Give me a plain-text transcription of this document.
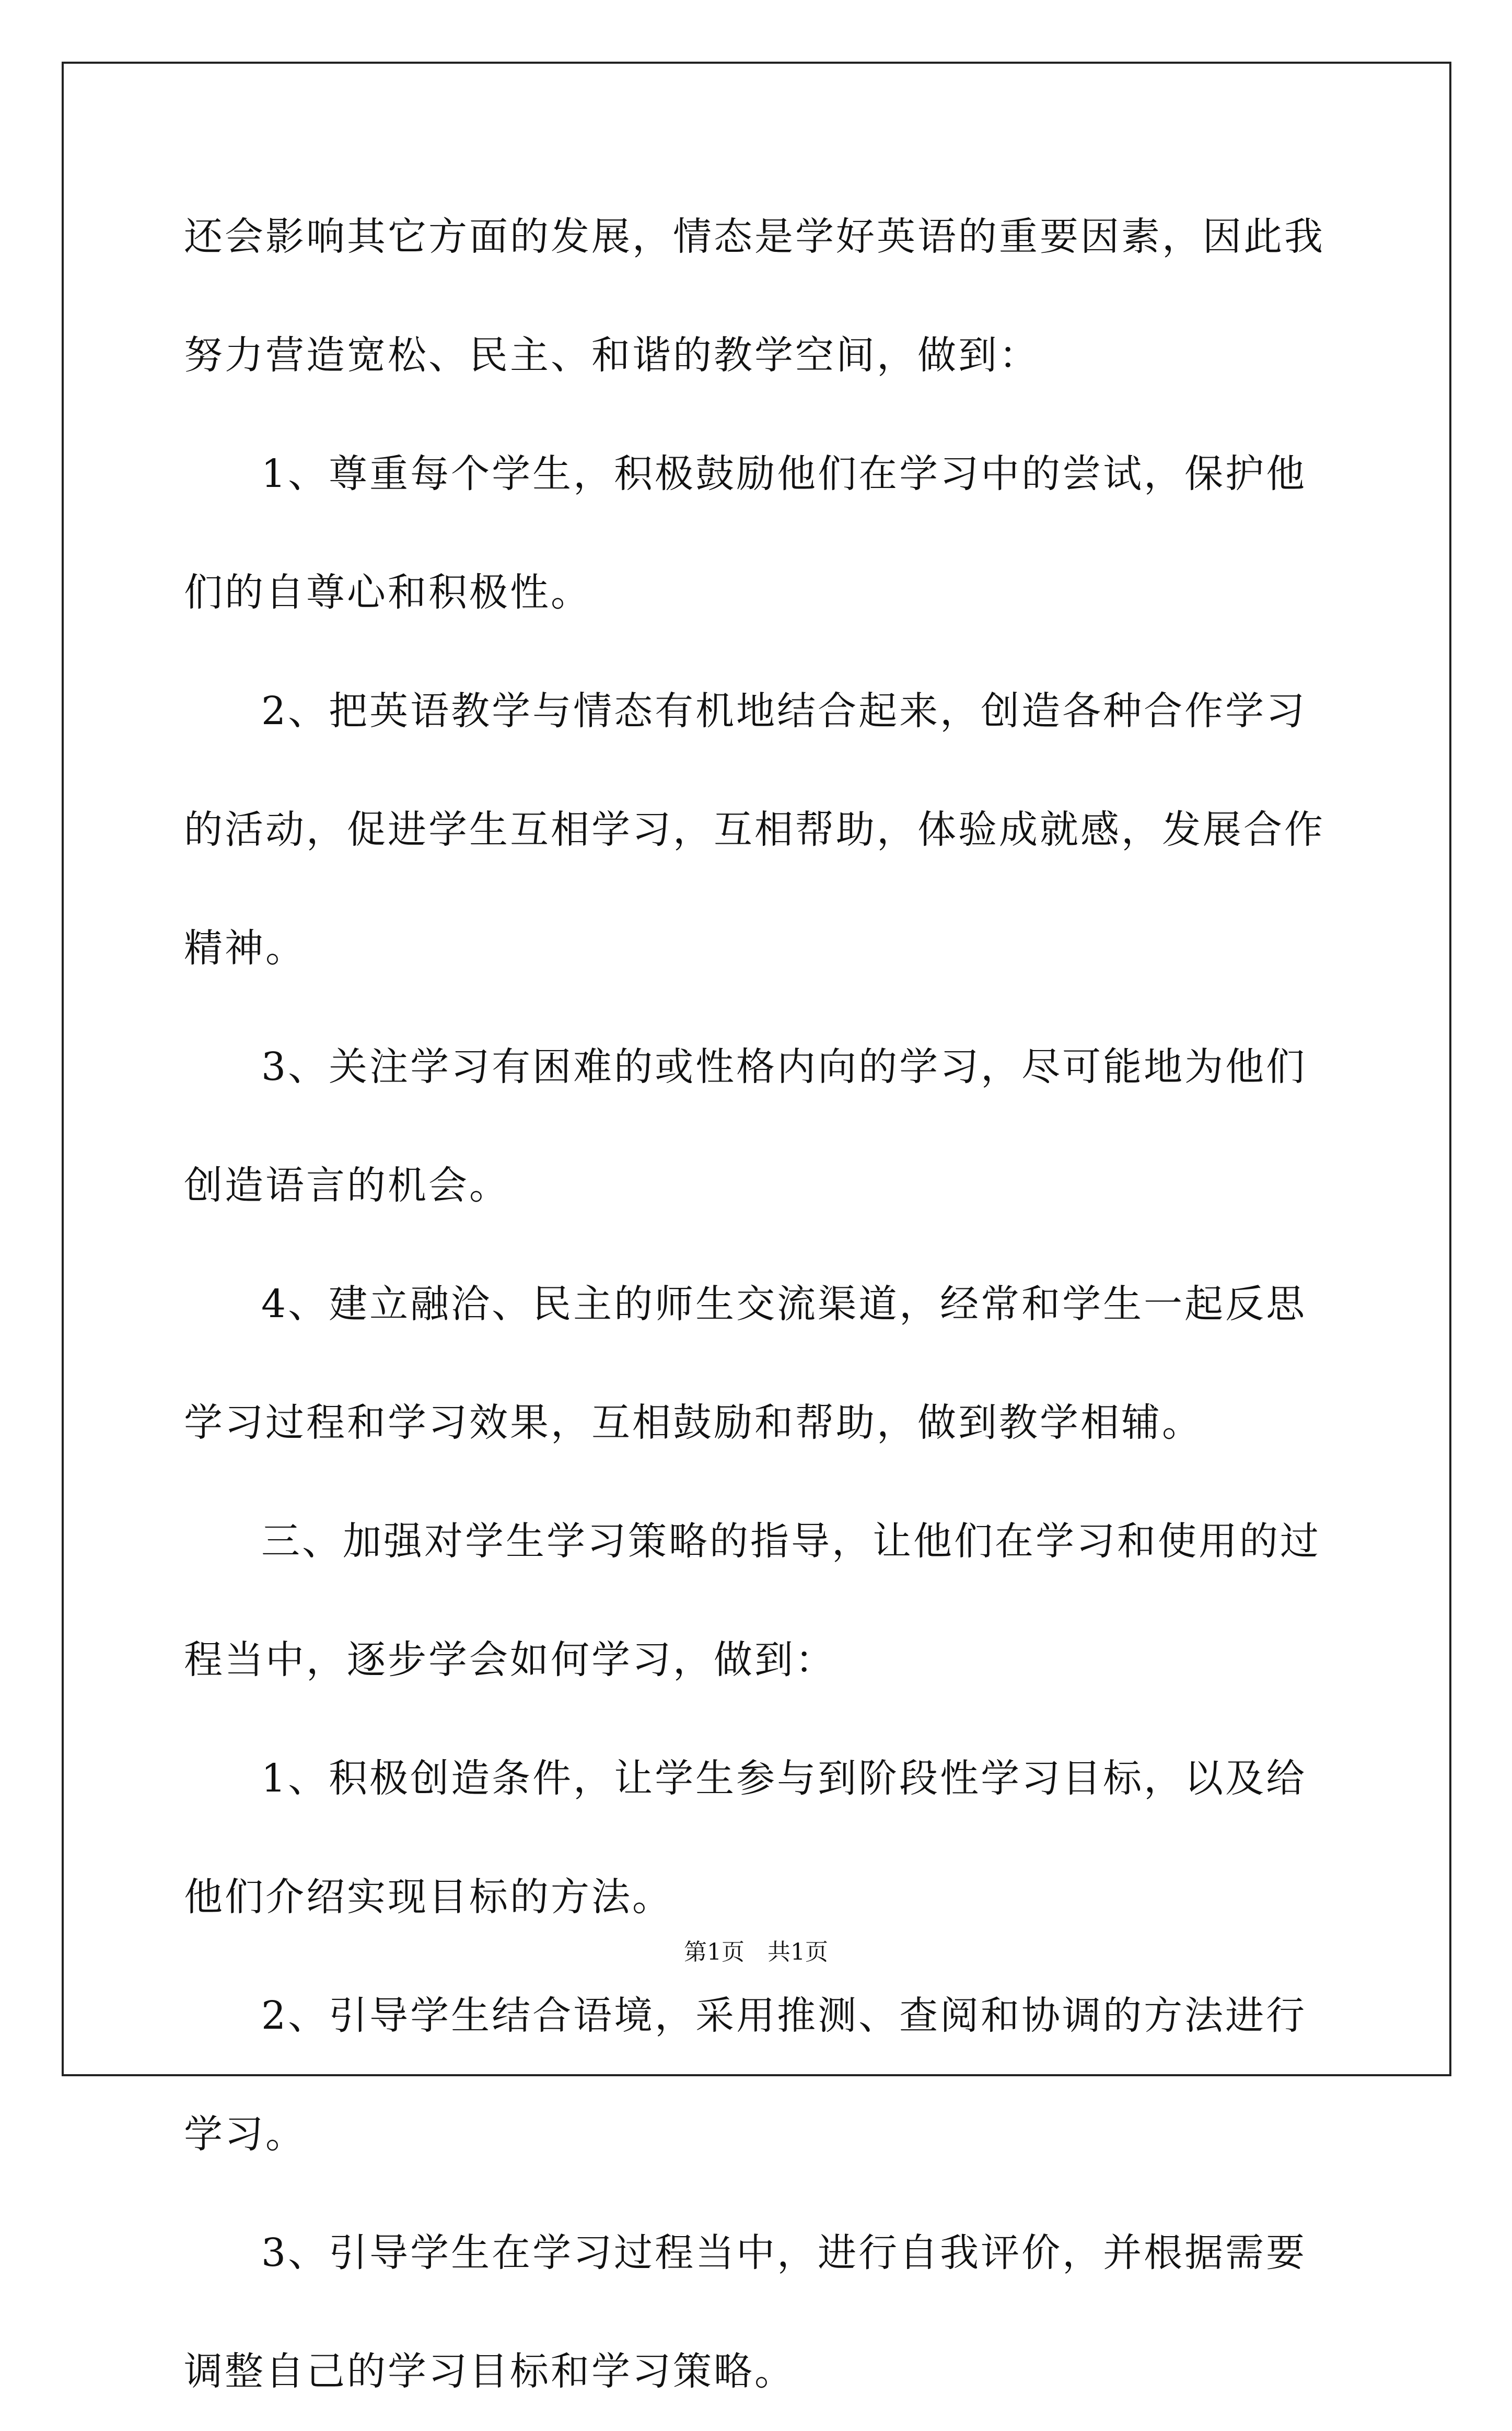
还会影响其它方面的发展，情态是学好英语的重要因素，因此我努力营造宽松、民主、和谐的教学空间，做到：

1、尊重每个学生，积极鼓励他们在学习中的尝试，保护他们的自尊心和积极性。

2、把英语教学与情态有机地结合起来，创造各种合作学习的活动，促进学生互相学习，互相帮助，体验成就感，发展合作精神。

3、关注学习有困难的或性格内向的学习，尽可能地为他们创造语言的机会。

4、建立融洽、民主的师生交流渠道，经常和学生一起反思学习过程和学习效果，互相鼓励和帮助，做到教学相辅。

三、加强对学生学习策略的指导，让他们在学习和使用的过程当中，逐步学会如何学习，做到：

1、积极创造条件，让学生参与到阶段性学习目标，以及给他们介绍实现目标的方法。

2、引导学生结合语境，采用推测、查阅和协调的方法进行学习。

3、引导学生在学习过程当中，进行自我评价，并根据需要调整自己的学习目标和学习策略。

第1页　共1页
